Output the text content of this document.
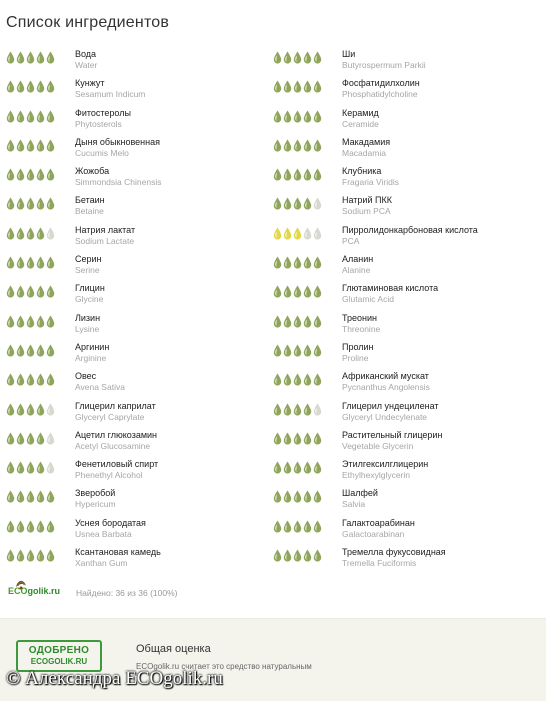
Список ингредиентов
Вода
Water
Кунжут
Sesamum Indicum
Фитостеролы
Phytosterols
Дыня обыкновенная
Cucumis Melo
Жожоба
Simmondsia Chinensis
Бетаин
Betaine
Натрия лактат
Sodium Lactate
Серин
Serine
Глицин
Glycine
Лизин
Lysine
Аргинин
Arginine
Овес
Avena Sativa
Глицерил каприлат
Glyceryl Caprylate
Ацетил глюкозамин
Acetyl Glucosamine
Фенетиловый спирт
Phenethyl Alcohol
Зверобой
Hypericum
Уснея бородатая
Usnea Barbata
Ксантановая камедь
Xanthan Gum
Ши
Butyrospermum Parkii
Фосфатидилхолин
Phosphatidylcholine
Керамид
Ceramide
Макадамия
Macadamia
Клубника
Fragaria Viridis
Натрий ПКК
Sodium PCA
Пирролидонкарбоновая кислота
PCA
Аланин
Alanine
Глютаминовая кислота
Glutamic Acid
Треонин
Threonine
Пролин
Proline
Африканский мускат
Pycnanthus Angolensis
Глицерил ундециленат
Glyceryl Undecylenate
Растительный глицерин
Vegetable Glycerin
Этилгексилглицерин
Ethylhexylglycerin
Шалфей
Salvia
Галактоарабинан
Galactoarabinan
Тремелла фукусовидная
Tremella Fuciformis
ECOgolik.ru Найдено: 36 из 36 (100%)
ОДОБРЕНО
ECOGOLIK.RU
Общая оценка
ECOgolik.ru считает это средство натуральным
© Александра ECOgolik.ru
